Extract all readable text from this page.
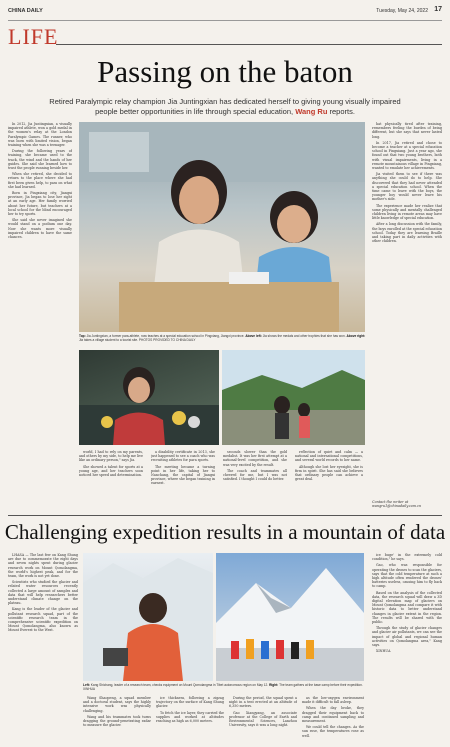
CHINA DAILY	Tuesday, May 24, 2022 17
LIFE
Passing on the baton
Retired Paralympic relay champion Jia Juntingxian has dedicated herself to giving young visually impaired people better opportunities in life through special education, Wang Ru reports.

In 2012, Jia Juntingxian, a visually impaired athlete, won a gold medal in the women's relay at the London Paralympic Games. The runner, who was born with limited vision, began training when she was a teenager.

During the following years of training, she became used to the track, the wind and the hands of her guides. She said she learned how to trust the people running beside her.

When she retired, she decided to return to the place where she had first been given help, to pass on what she had learned.

Born in Pingxiang city, Jiangxi province, Jia began to lose her sight at an early age. Her family worried about her future, but teachers at a local school for the blind encouraged her to try sports.

She said she never imagined she would stand on a podium one day. Now she wants more visually impaired children to have the same chances.

Top: Jia Juntingxian, a former para-athlete, now teaches at a special education school in Pingxiang, Jiangxi province. Above left: Jia shows the medals and other trophies that she has won. Above right: Jia takes a village student to a tourist site. PHOTOS PROVIDED TO CHINA DAILY

world, I had to rely on my parents, and others by my side, to help me live like an ordinary person," says Jia.

She showed a talent for sports at a young age, and her teachers soon noticed her speed and determination.

a disability certificate in 2013, she just happened to see a coach who was recruiting athletes for para sports.

The meeting became a turning point in her life, taking her to Nanchang, the capital of Jiangxi province, where she began training in earnest.

seconds slower than the gold medalist. It was her first attempt at a national-level competition, and she was very excited by the result.

The coach and teammates all cheered for me, but I was not satisfied. I thought I could do better.

reflection of quiet and calm — a national and international competitions, and several world records to her name.

Although she lost her eyesight, she is firm in spirit. She has said she believes that ordinary people can achieve a great deal.

hat physically tired after training, remembers feeling the burden of being different, but she says that never lasted long.

In 2017, Jia retired and chose to become a teacher at a special education school in Pingxiang. Just a year ago, she found out that two young brothers, both with visual impairments, living in a remote mountainous village in Pingxiang, wanted to emulate her achievements.

Jia visited them to see if there was anything she could do to help. She discovered that they had never attended a special education school. When the time came to leave with the boys, the younger boy would never leave his mother's side.

The experience made her realize that some physically and mentally challenged children living in remote areas may have little knowledge of special education.

After a long discussion with the family, the boys enrolled at the special education school. Today they are learning Braille and taking part in daily activities with other children.

Contact the writer at wangru1@chinadaily.com.cn
Challenging expedition results in a mountain of data

LHASA — The last few on Kang Shung are due to commemorate the eight days and seven nights spent during glacier research work on Mount Qomolangma, the world's highest peak, and for the team, the work is not yet done.

Scientists who studied the glacier and related water resources recently collected a large amount of samples and data that will help researchers better understand climate change on the plateau.

Kang is the leader of the glacier and pollutant research squad, part of the scientific research team in the comprehensive scientific expedition on Mount Qomolangma, also known as Mount Everest to the West.

Left: Kang Shichang, leader of a research team, checks equipment on Mount Qomolangma in Tibet autonomous region on May 12. Right: The team gathers at the base camp before their expedition. XINHUA

Wang Shaopeng, a squad member and a doctoral student, says the highly intensive work was physically challenging.

Wang and his teammates took turns dragging the ground-penetrating radar to measure the glacier.

ice thickness, following a zigzag trajectory on the surface of Kang Shung glacier.

To fetch the ice layer, they carried the supplies and worked at altitudes reaching as high as 6,000 meters.

During the period, the squad spent a night in a tent erected at an altitude of 6,350 meters.

Gao Xiangyang, an associate professor at the College of Earth and Environmental Sciences, Lanzhou University, says it was a long night.

as the low-oxygen environment made it difficult to fall asleep.

When the day broke, they dragged their equipment back to camp and continued sampling and measurement.

We could tell the changes. As the sun rose, the temperatures rose as well.

ice buge' in the extremely cold condition," he says.

Gao, who was responsible for operating the drones to scan the glaciers, says that the cold temperature at such a high altitude often rendered the drones' batteries useless, causing him to fly back to camp.

Based on the analysis of the collected data, the research squad will draw a 3D digital elevation map of glaciers on Mount Qomolangma and compare it with historic data to better understand changes in glacier extent in the region. The results will be shared with the public.

Through the study of glacier changes and glacier air pollutants, we can see the impact of global and regional human activities on Qomolangma area," Kang says.

XINHUA
